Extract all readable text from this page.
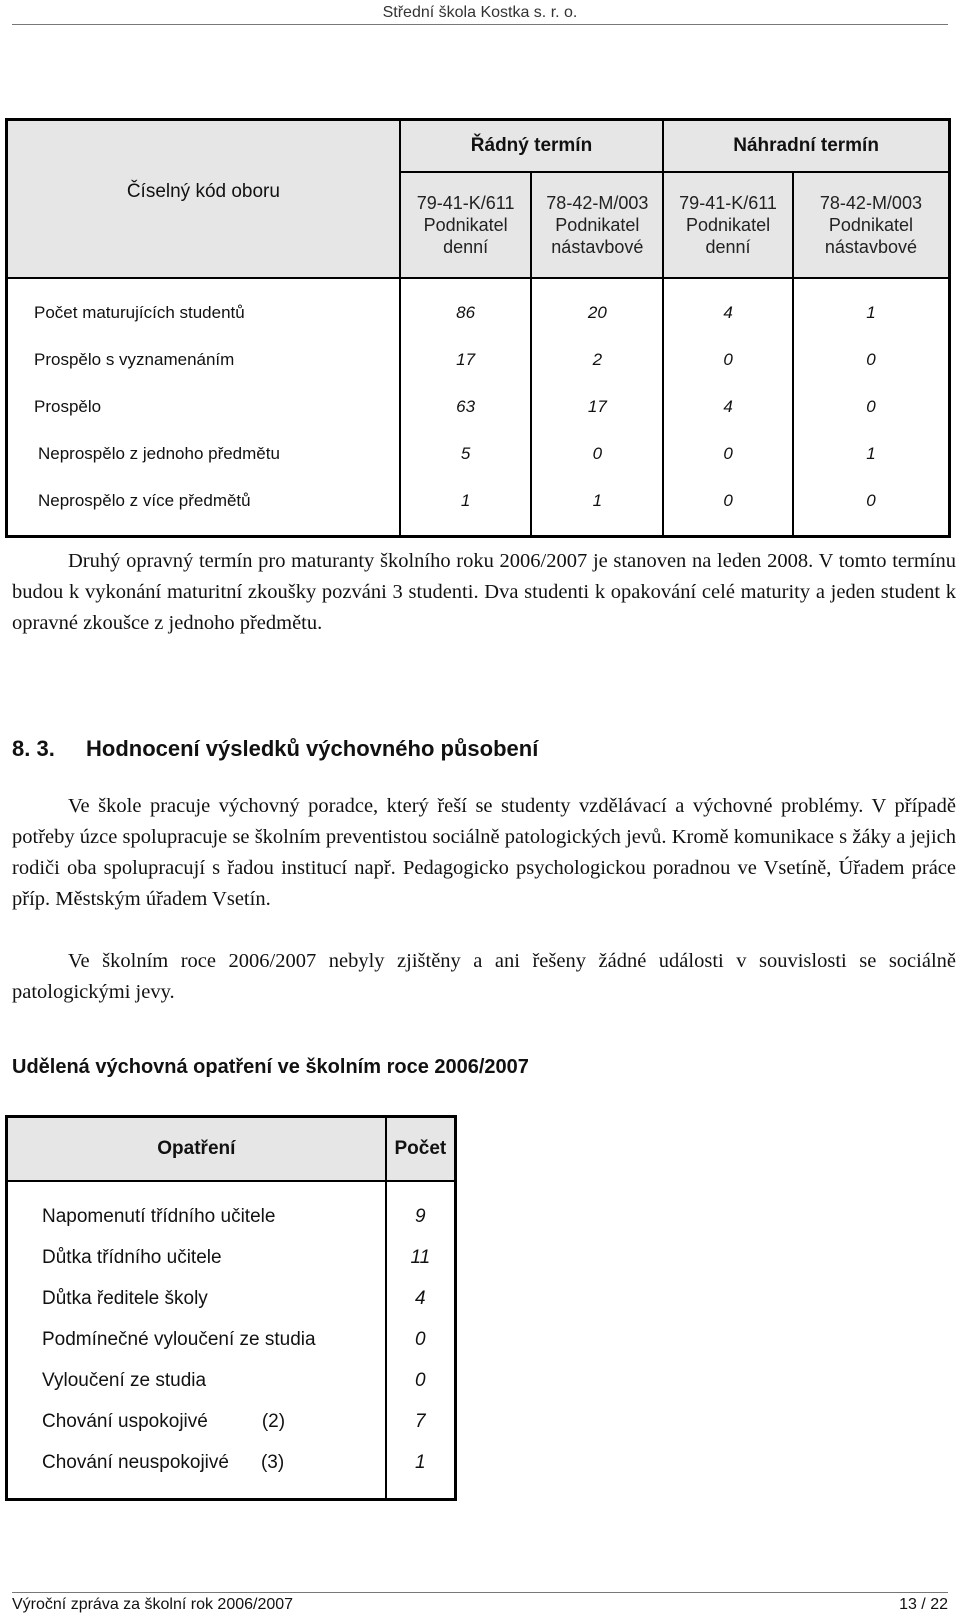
Střední škola Kostka s. r. o.
Číselný kód oboru	Řádný termín		Náhradní termín	

	79-41-K/611
Podnikatel
denní	78-42-M/003
Podnikatel
nástavbové	79-41-K/611
Podnikatel
denní	78-42-M/003
Podnikatel
nástavbové

Počet maturujících studentů	86	20	4	1
Prospělo s vyznamenáním	17	2	0	0
Prospělo	63	17	4	0
Neprospělo z jednoho předmětu	5	0	0	1
Neprospělo z více předmětů	1	1	0	0

Druhý opravný termín pro maturanty školního roku 2006/2007 je stanoven na leden 2008. V tomto termínu budou k vykonání maturitní zkoušky pozváni 3 studenti. Dva studenti k opakování celé maturity a jeden student k opravné zkoušce z jednoho předmětu.
8. 3. Hodnocení výsledků výchovného působení
Ve škole pracuje výchovný poradce, který řeší se studenty vzdělávací a výchovné problémy. V případě potřeby úzce spolupracuje se školním preventistou sociálně patologických jevů. Kromě komunikace s žáky a jejich rodiči oba spolupracují s řadou institucí např. Pedagogicko psychologickou poradnou ve Vsetíně, Úřadem práce příp. Městským úřadem Vsetín.
Ve školním roce 2006/2007 nebyly zjištěny a ani řešeny žádné události v souvislosti se sociálně patologickými jevy.
Udělená výchovná opatření ve školním roce 2006/2007
Opatření	Počet

Napomenutí třídního učitele	9
Důtka třídního učitele	11
Důtka ředitele školy	4
Podmínečné vyloučení ze studia	0
Vyloučení ze studia	0
Chování uspokojivé (2)	7
Chování neuspokojivé (3)	1

Výroční zpráva za školní rok 2006/2007	13 / 22
